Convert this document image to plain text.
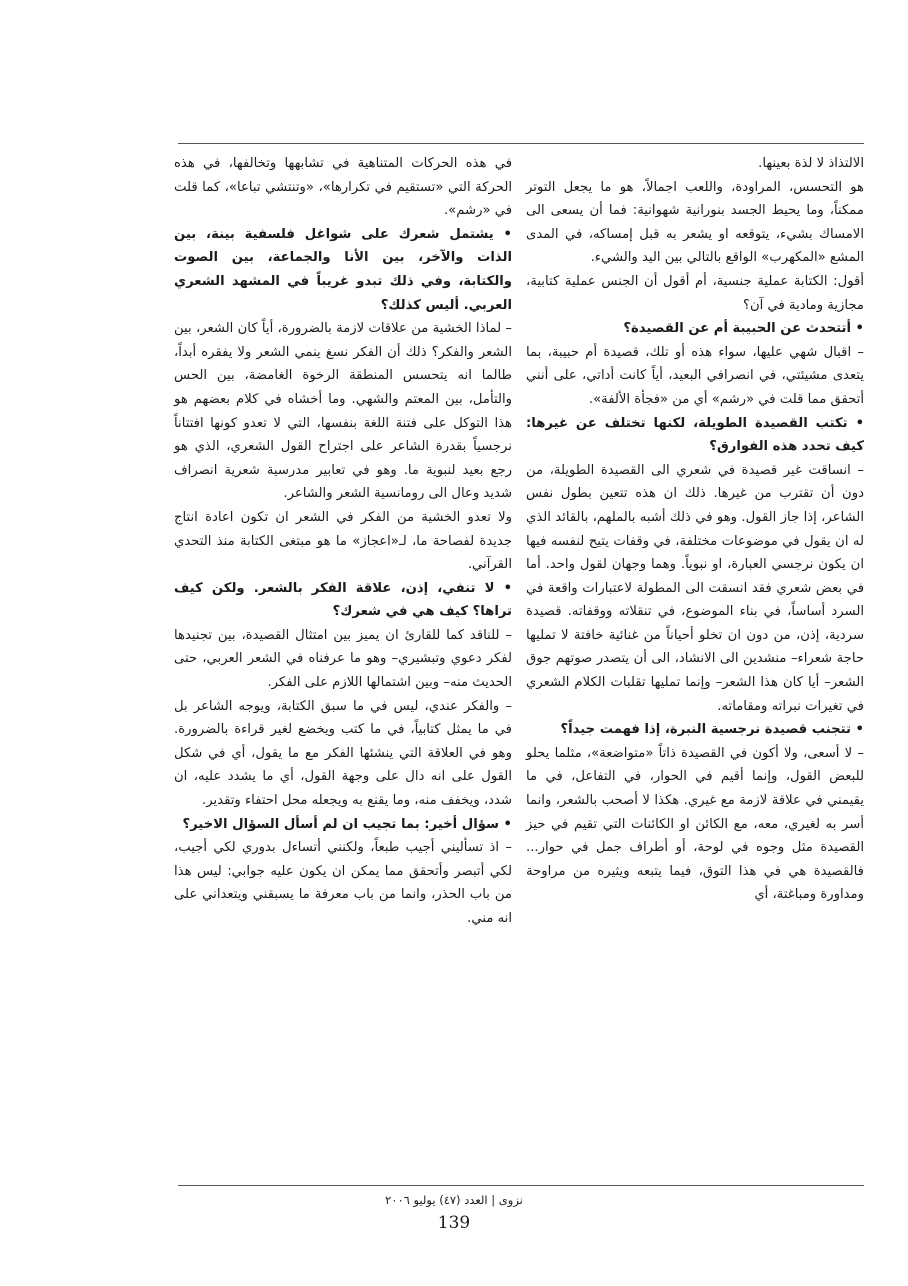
الالتذاذ لا لذة بعينها.

هو التحسس، المراودة، واللعب اجمالاً، هو ما يجعل التوتر ممكناً، وما يحيط الجسد بنورانية شهوانية: فما أن يسعى الى الامساك بشيء، يتوقعه او يشعر به قبل إمساكه، في المدى المشع «المكهرب» الواقع بالتالي بين اليد والشيء.

أقول: الكتابة عملية جنسية، أم أقول أن الجنس عملية كتابية، مجازية ومادية في آن؟

• أتتحدث عن الحبيبة أم عن القصيدة؟

– اقبال شهي عليها، سواء هذه أو تلك، قصيدة أم حبيبة، بما يتعدى مشيئتي، في انصرافي البعيد، أياً كانت أداتي، على أنني أتحقق مما قلت في «رشم» أي من «فجأة الألفة».

• تكتب القصيدة الطويلة، لكنها تختلف عن غيرها: كيف تحدد هذه الفوارق؟

– انساقت غير قصيدة في شعري الى القصيدة الطويلة، من دون أن تقترب من غيرها. ذلك ان هذه تتعين بطول نفس الشاعر، إذا جاز القول. وهو في ذلك أشبه بالملهم، بالقائد الذي له ان يقول في موضوعات مختلفة، في وقفات يتيح لنفسه فيها ان يكون نرجسي العبارة، او نبوياً. وهما وجهان لقول واحد. أما في بعض شعري فقد انسقت الى المطولة لاعتبارات واقعة في السرد أساساً، في بناء الموضوع، في تنقلاته ووقفاته. قصيدة سردية، إذن، من دون ان تخلو أحياناً من غنائية خافتة لا تمليها حاجة شعراء– منشدين الى الانشاد، الى أن يتصدر صوتهم جوق الشعر– أيا كان هذا الشعر– وإنما تمليها تقلبات الكلام الشعري في تغيرات نبراته ومقاماته.

• تتجنب قصيدة نرجسية النبرة، إذا فهمت جيداً؟

– لا أسعى، ولا أكون في القصيدة ذاتاً «متواضعة»، مثلما يحلو للبعض القول، وإنما أقيم في الحوار، في التفاعل، في ما يقيمني في علاقة لازمة مع غيري. هكذا لا أصحب بالشعر، وانما أسر به لغيري، معه، مع الكائن او الكائنات التي تقيم في حيز القصيدة مثل وجوه في لوحة، أو أطراف جمل في حوار... فالقصيدة هي في هذا التوق، فيما يتبعه ويثيره من مراوحة ومداورة ومباغتة، أي

في هذه الحركات المتناهية في تشابهها وتخالفها، في هذه الحركة التي «تستقيم في تكرارها»، «وتنتشي تباعا»، كما قلت في «رشم».

• يشتمل شعرك على شواغل فلسفية بينة، بين الذات والآخر، بين الأنا والجماعة، بين الصوت والكتابة، وفي ذلك تبدو غريباً في المشهد الشعري العربي. أليس كذلك؟

– لماذا الخشية من علاقات لازمة بالضرورة، أياً كان الشعر، بين الشعر والفكر؟ ذلك أن الفكر نسغ ينمي الشعر ولا يفقره أبداً، طالما انه يتحسس المنطقة الرخوة الغامضة، بين الحس والتأمل، بين المعتم والشهي. وما أخشاه في كلام بعضهم هو هذا التوكل على فتنة اللغة بنفسها، التي لا تعدو كونها افتتاناً نرجسياً بقدرة الشاعر على اجتراح القول الشعري، الذي هو رجع بعيد لنبوية ما. وهو في تعابير مدرسية شعرية انصراف شديد وعال الى رومانسية الشعر والشاعر.

ولا تعدو الخشية من الفكر في الشعر ان تكون اعادة انتاج جديدة لفصاحة ما، لـ«اعجاز» ما هو مبتغى الكتابة منذ التحدي القرآني.

• لا تنفي، إذن، علاقة الفكر بالشعر. ولكن كيف تراها؟ كيف هي في شعرك؟

– للناقد كما للقارئ ان يميز بين امتثال القصيدة، بين تجنيدها لفكر دعوي وتبشيري– وهو ما عرفناه في الشعر العربي، حتى الحديث منه– وبين اشتمالها اللازم على الفكر.

– والفكر عندي، ليس في ما سبق الكتابة، ويوجه الشاعر بل في ما يمثل كتابياً، في ما كتب ويخضع لغير قراءة بالضرورة. وهو في العلاقة التي ينشئها الفكر مع ما يقول، أي في شكل القول على انه دال على وجهة القول، أي ما يشدد عليه، ان شدد، ويخفف منه، وما يقنع به ويجعله محل احتفاء وتقدير.

• سؤال أخير: بما تجيب ان لم أسأل السؤال الاخير؟

– اذ تسأليني أجيب طبعاً، ولكنني أتساءل بدوري لكي أجيب، لكي أتبصر وأتحقق مما يمكن ان يكون عليه جوابي: ليس هذا من باب الحذر، وانما من باب معرفة ما يسبقني ويتعداني على انه مني.

نزوى | العدد (٤٧) يوليو ٢٠٠٦
139
